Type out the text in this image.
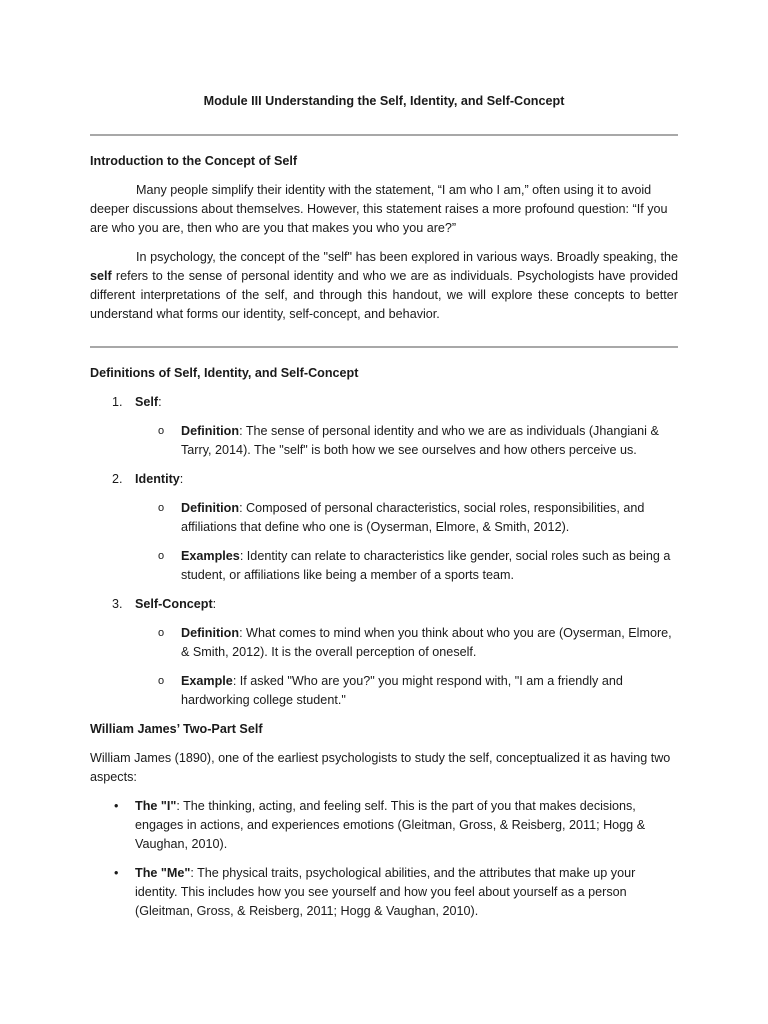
Module III Understanding the Self, Identity, and Self-Concept

Introduction to the Concept of Self

Many people simplify their identity with the statement, “I am who I am,” often using it to avoid deeper discussions about themselves. However, this statement raises a more profound question: “If you are who you are, then who are you that makes you who you are?”

In psychology, the concept of the "self" has been explored in various ways. Broadly speaking, the self refers to the sense of personal identity and who we are as individuals. Psychologists have provided different interpretations of the self, and through this handout, we will explore these concepts to better understand what forms our identity, self-concept, and behavior.

Definitions of Self, Identity, and Self-Concept
1. Self:
o Definition: The sense of personal identity and who we are as individuals (Jhangiani & Tarry, 2014). The "self" is both how we see ourselves and how others perceive us.
2. Identity:
o Definition: Composed of personal characteristics, social roles, responsibilities, and affiliations that define who one is (Oyserman, Elmore, & Smith, 2012).
o Examples: Identity can relate to characteristics like gender, social roles such as being a student, or affiliations like being a member of a sports team.
3. Self-Concept:
o Definition: What comes to mind when you think about who you are (Oyserman, Elmore, & Smith, 2012). It is the overall perception of oneself.
o Example: If asked "Who are you?" you might respond with, "I am a friendly and hardworking college student."
William James’ Two-Part Self

William James (1890), one of the earliest psychologists to study the self, conceptualized it as having two aspects:

• The "I": The thinking, acting, and feeling self. This is the part of you that makes decisions, engages in actions, and experiences emotions (Gleitman, Gross, & Reisberg, 2011; Hogg & Vaughan, 2010).
• The "Me": The physical traits, psychological abilities, and the attributes that make up your identity. This includes how you see yourself and how you feel about yourself as a person (Gleitman, Gross, & Reisberg, 2011; Hogg & Vaughan, 2010).
